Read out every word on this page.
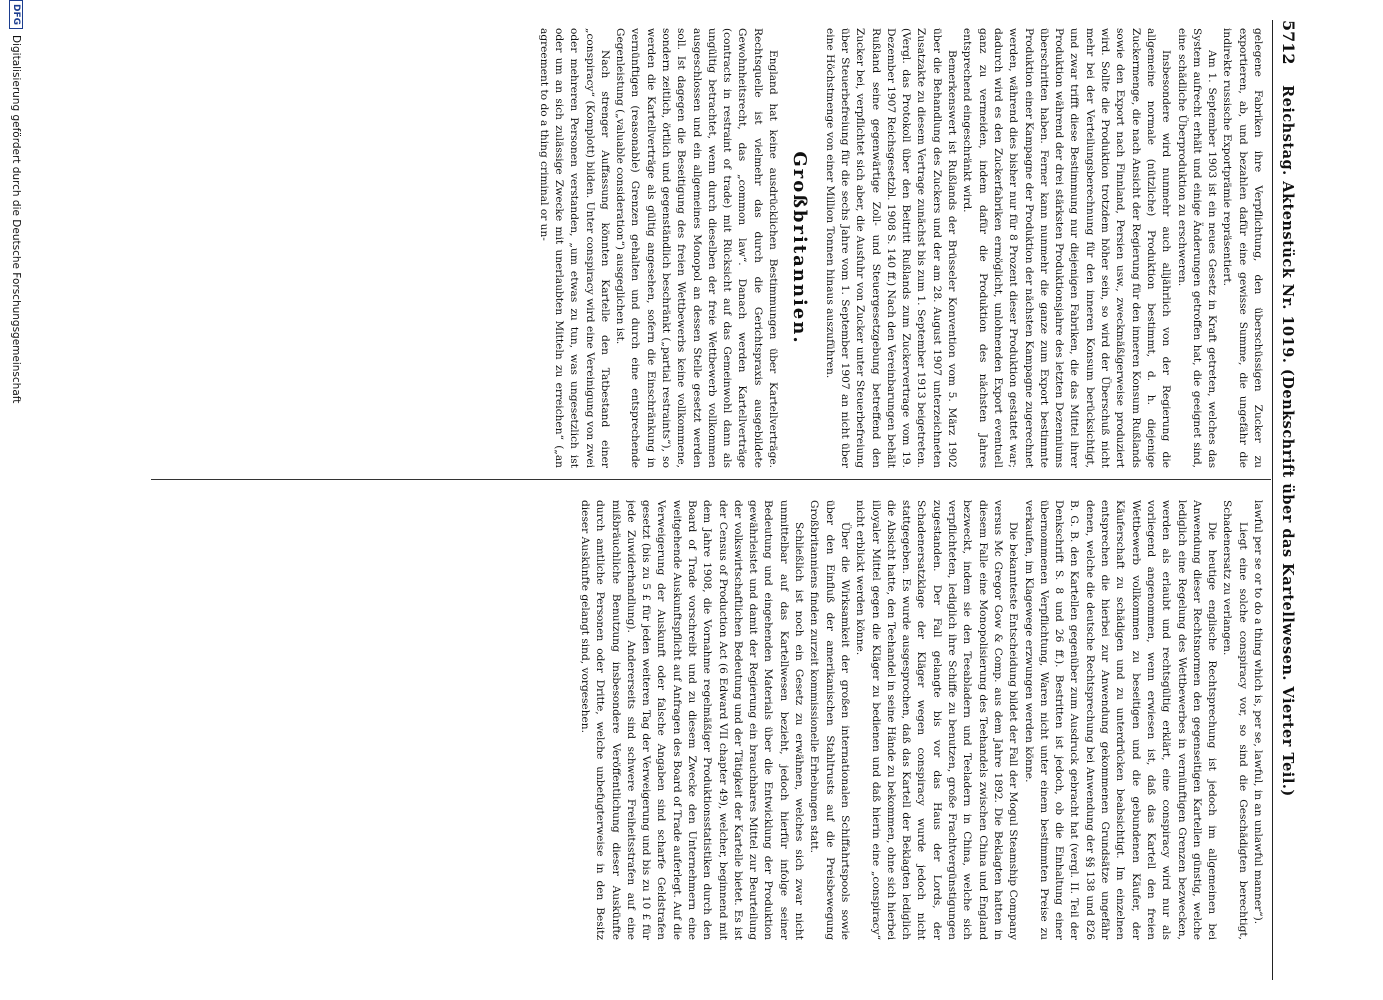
5712 Reichstag. Aktenstück Nr. 1019. (Denkschrift über das Kartellwesen. Vierter Teil.)

gelegene Fabriken ihre Verpflichtung, den überschüssigen Zucker zu exportieren, ab, und bezahlen dafür eine gewisse Summe, die ungefähr die indirekte russische Exportprämie repräsentiert.

Am 1. September 1903 ist ein neues Gesetz in Kraft getreten, welches das System aufrecht erhält und einige Änderungen getroffen hat, die geeignet sind, eine schädliche Überproduktion zu erschweren.

Insbesondere wird nunmehr auch alljährlich von der Regierung die allgemeine normale (nützliche) Produktion bestimmt, d. h. diejenige Zuckermenge, die nach Ansicht der Regierung für den inneren Konsum Rußlands sowie den Export nach Finnland, Persien usw., zweckmäßigerweise produziert wird. Sollte die Produktion trotzdem höher sein, so wird der Überschuß nicht mehr bei der Verteilungsberechnung für den inneren Konsum berücksichtigt, und zwar trifft diese Bestimmung nur diejenigen Fabriken, die das Mittel ihrer Produktion während der drei stärksten Produktionsjahre des letzten Dezenniums überschritten haben. Ferner kann nunmehr die ganze zum Export bestimmte Produktion einer Kampagne der Produktion der nächsten Kampagne zugerechnet werden, während dies bisher nur für 8 Prozent dieser Produktion gestattet war; dadurch wird es den Zuckerfabriken ermöglicht, unlohnenden Export eventuell ganz zu vermeiden, indem dafür die Produktion des nächsten Jahres entsprechend eingeschränkt wird.

Bemerkenswert ist Rußlands der Brüsseler Konvention vom 5. März 1902 über die Behandlung des Zuckers und der am 28. August 1907 unterzeichneten Zusatzakte zu diesem Vertrage zunächst bis zum 1. September 1913 beigetreten. (Vergl. das Protokoll über den Beitritt Rußlands zum Zuckervertrage vom 19. Dezember 1907 Reichsgesetzbl. 1908 S. 140 ff.) Nach den Vereinbarungen behält Rußland seine gegenwärtige Zoll- und Steuergesetzgebung betreffend den Zucker bei, verpflichtet sich aber, die Ausfuhr von Zucker unter Steuerbefreiung über Steuerbefreiung für die sechs Jahre vom 1. September 1907 an nicht über eine Höchstmenge von einer Million Tonnen hinaus auszuführen.

Großbritannien.

England hat keine ausdrücklichen Bestimmungen über Kartellverträge. Rechtsquelle ist vielmehr das durch die Gerichtspraxis ausgebildete Gewohnheitsrecht, das „common law“. Danach werden Kartellverträge (contracts in restraint of trade) mit Rücksicht auf das Gemeinwohl dann als ungültig betrachtet, wenn durch dieselben der freie Wettbewerb vollkommen ausgeschlossen und ein allgemeines Monopol an dessen Stelle gesetzt werden soll. Ist dagegen die Beseitigung des freien Wettbewerbs keine vollkommene, sondern zeitlich, örtlich und gegenständlich beschränkt („partial restraints“), so werden die Kartellverträge als gültig angesehen, sofern die Einschränkung in vernünftigen (reasonable) Grenzen gehalten und durch eine entsprechende Gegenleistung („valuable consideration“) ausgeglichen ist.

Nach strenger Auffassung könnten Kartelle den Tatbestand einer „conspiracy“ (Komplott) bilden. Unter conspiracy wird eine Vereinigung von zwei oder mehreren Personen verstanden, „um etwas zu tun, was ungesetzlich ist oder um an sich zulässige Zwecke mit unerlaubten Mitteln zu erreichen“ („an agreement to do a thing criminal or un-

lawful per se or to do a thing which is, per se, lawful, in an unlawful manner“).

Liegt eine solche conspiracy vor, so sind die Geschädigten berechtigt, Schadenersatz zu verlangen.

Die heutige englische Rechtsprechung ist jedoch im allgemeinen bei Anwendung dieser Rechtsnormen den gegenseitigen Kartellen günstig, welche lediglich eine Regelung des Wettbewerbes in vernünftigen Grenzen bezwecken, werden als erlaubt und rechtsgültig erklärt, eine conspiracy wird nur als vorliegend angenommen, wenn erwiesen ist, daß das Kartell den freien Wettbewerb vollkommen zu beseitigen und die gebundenen Käufer, der Käuferschaft zu schädigen und zu unterdrücken beabsichtigt. Im einzelnen entsprechen die hierbei zur Anwendung gekommenen Grundsätze ungefähr denen, welche die deutsche Rechtsprechung bei Anwendung der §§ 138 und 826 B. G. B. den Kartellen gegenüber zum Ausdruck gebracht hat (vergl. II. Teil der Denkschrift S. 8 und 26 ff.). Bestritten ist jedoch, ob die Einhaltung einer übernommenen Verpflichtung, Waren nicht unter einem bestimmten Preise zu verkaufen, im Klagewege erzwungen werden könne.

Die bekannteste Entscheidung bildet der Fall der Mogul Steamship Company versus Mc Gregor Gow & Comp. aus dem Jahre 1892. Die Beklagten hatten in diesem Falle eine Monopolisierung des Teehandels zwischen China und England bezweckt, indem sie den Teeabladern und Teeladern in China, welche sich verpflichteten, lediglich ihre Schiffe zu benutzen, große Frachtvergünstigungen zugestanden. Der Fall gelangte bis vor das Haus der Lords, der Schadenersatzklage der Kläger wegen conspiracy wurde jedoch nicht stattgegeben. Es wurde ausgesprochen, daß das Kartell der Beklagten lediglich die Absicht hatte, den Teehandel in seine Hände zu bekommen, ohne sich hierbei illoyaler Mittel gegen die Kläger zu bedienen und daß hierin eine „conspiracy“ nicht erblickt werden könne.

Über die Wirksamkeit der großen internationalen Schiffahrtspools sowie über den Einfluß der amerikanischen Stahltrusts auf die Preisbewegung Großbritanniens finden zurzeit kommissionelle Erhebungen statt.

Schließlich ist noch ein Gesetz zu erwähnen, welches sich zwar nicht unmittelbar auf das Kartellwesen bezieht, jedoch hierfür infolge seiner Bedeutung und eingehenden Materials über die Entwicklung der Produktion gewährleistet und damit der Regierung ein brauchbares Mittel zur Beurteilung der volkswirtschaftlichen Bedeutung und der Tätigkeit der Kartelle bietet. Es ist der Census of Production Act (6 Edward VII chapter 49), welcher, beginnend mit dem Jahre 1908, die Vornahme regelmäßiger Produktionsstatistiken durch den Board of Trade vorschreibt und zu diesem Zwecke den Unternehmern eine weitgehende Auskunftspflicht auf Anfragen des Board of Trade auferlegt. Auf die Verweigerung der Auskunft oder falsche Angaben sind scharfe Geldstrafen gesetzt (bis zu 5 £ für jeden weiteren Tag der Verweigerung und bis zu 10 £ für jede Zuwiderhandlung). Andererseits sind schwere Freiheitsstrafen auf eine mißbräuchliche Benutzung insbesondere Veröffentlichung dieser Auskünfte durch amtliche Personen oder Dritte, welche unbefugterweise in den Besitz dieser Auskünfte gelangt sind, vorgesehen.

DFGDigitalisierung gefördert durch die Deutsche Forschungsgemeinschaft
